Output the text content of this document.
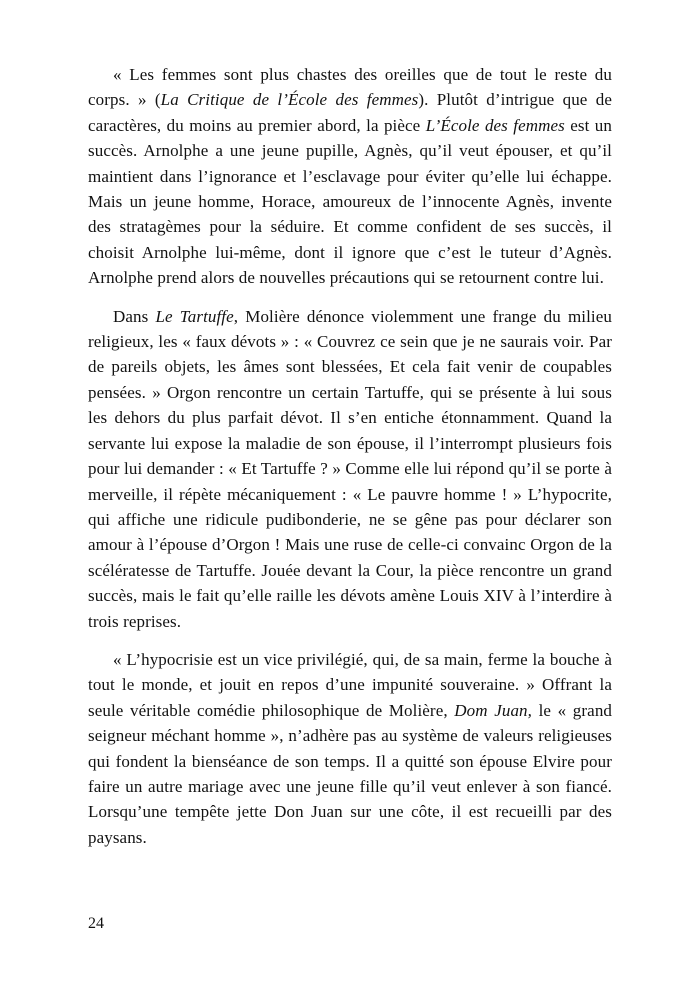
« Les femmes sont plus chastes des oreilles que de tout le reste du corps. » (La Critique de l’École des femmes). Plutôt d’intrigue que de caractères, du moins au premier abord, la pièce L’École des femmes est un succès. Arnolphe a une jeune pupille, Agnès, qu’il veut épouser, et qu’il maintient dans l’ignorance et l’esclavage pour éviter qu’elle lui échappe. Mais un jeune homme, Horace, amoureux de l’innocente Agnès, invente des stratagèmes pour la séduire. Et comme confident de ses succès, il choisit Arnolphe lui-même, dont il ignore que c’est le tuteur d’Agnès. Arnolphe prend alors de nouvelles précautions qui se retournent contre lui.

Dans Le Tartuffe, Molière dénonce violemment une frange du milieu religieux, les « faux dévots » : « Couvrez ce sein que je ne saurais voir. Par de pareils objets, les âmes sont blessées, Et cela fait venir de coupables pensées. » Orgon rencontre un certain Tartuffe, qui se présente à lui sous les dehors du plus parfait dévot. Il s’en entiche étonnamment. Quand la servante lui expose la maladie de son épouse, il l’interrompt plusieurs fois pour lui demander : « Et Tartuffe ? » Comme elle lui répond qu’il se porte à merveille, il répète mécaniquement : « Le pauvre homme ! » L’hypocrite, qui affiche une ridicule pudibonderie, ne se gêne pas pour déclarer son amour à l’épouse d’Orgon ! Mais une ruse de celle-ci convainc Orgon de la scélératesse de Tartuffe. Jouée devant la Cour, la pièce rencontre un grand succès, mais le fait qu’elle raille les dévots amène Louis XIV à l’interdire à trois reprises.

« L’hypocrisie est un vice privilégié, qui, de sa main, ferme la bouche à tout le monde, et jouit en repos d’une impunité souveraine. » Offrant la seule véritable comédie philosophique de Molière, Dom Juan, le « grand seigneur méchant homme », n’adhère pas au système de valeurs religieuses qui fondent la bienséance de son temps. Il a quitté son épouse Elvire pour faire un autre mariage avec une jeune fille qu’il veut enlever à son fiancé. Lorsqu’une tempête jette Don Juan sur une côte, il est recueilli par des paysans.

24
